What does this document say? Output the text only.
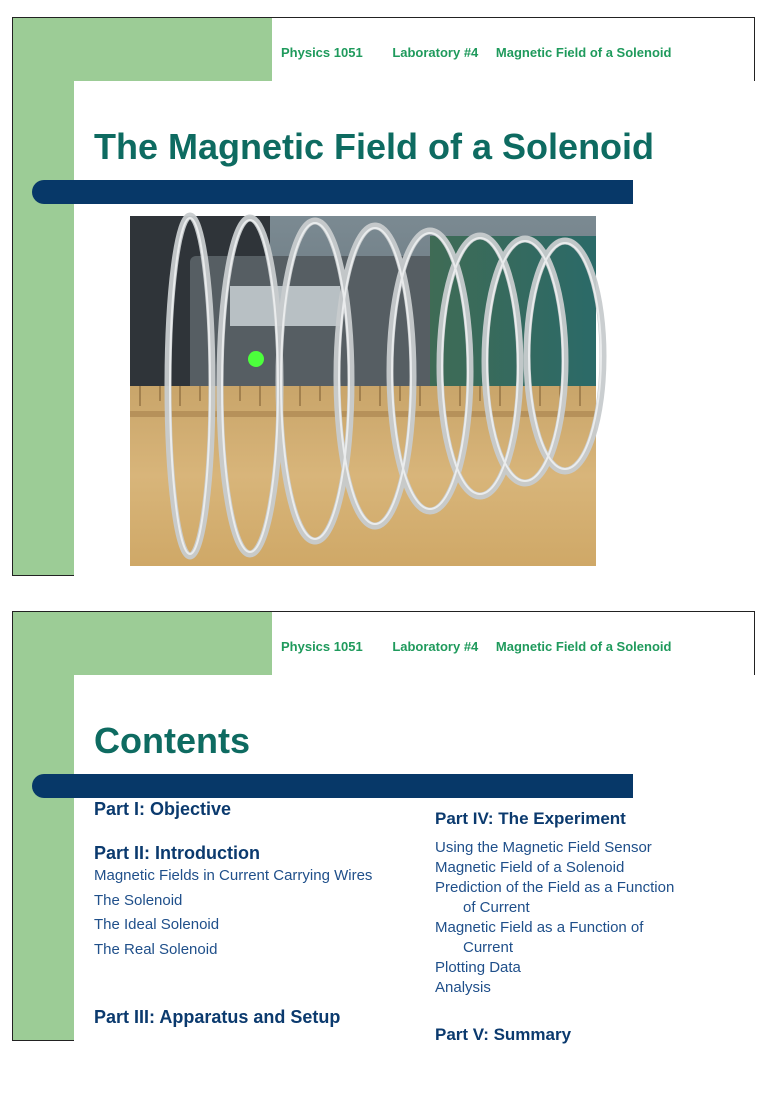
Physics 1051 Laboratory #4 Magnetic Field of a Solenoid
The Magnetic Field of a Solenoid
Physics 1051 Laboratory #4 Magnetic Field of a Solenoid
Contents
Part I: Objective
Part II: Introduction
Magnetic Fields in Current Carrying Wires
The Solenoid
The Ideal Solenoid
The Real Solenoid
Part III: Apparatus and Setup
Part IV: The Experiment
Using the Magnetic Field Sensor
Magnetic Field of a Solenoid
Prediction of the Field as a Function
of Current
Magnetic Field as a Function of
Current
Plotting Data
Analysis
Part V: Summary
